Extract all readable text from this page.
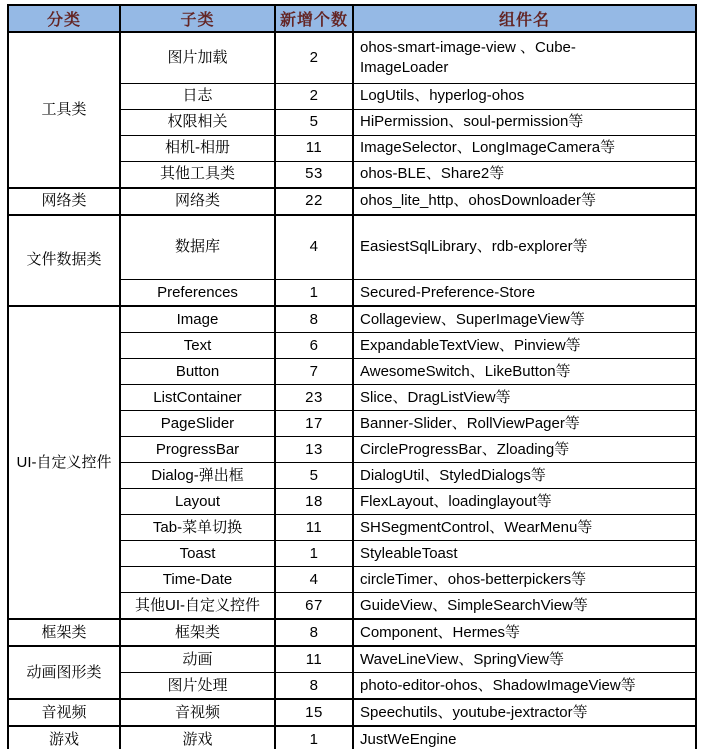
分类	子类	新增个数	组件名
工具类	图片加载	2	ohos-smart-image-view 、Cube-ImageLoader

	日志	2	LogUtils、hyperlog-ohos
	权限相关	5	HiPermission、soul-permission等
	相机-相册	11	ImageSelector、LongImageCamera等
	其他工具类	53	ohos-BLE、Share2等
网络类	网络类	22	ohos_lite_http、ohosDownloader等
文件数据类	数据库	4	EasiestSqlLibrary、rdb-explorer等
	Preferences	1	Secured-Preference-Store
UI-自定义控件	Image	8	Collageview、SuperImageView等
	Text	6	ExpandableTextView、Pinview等
	Button	7	AwesomeSwitch、LikeButton等
	ListContainer	23	Slice、DragListView等
	PageSlider	17	Banner-Slider、RollViewPager等
	ProgressBar	13	CircleProgressBar、Zloading等
	Dialog-弹出框	5	DialogUtil、StyledDialogs等
	Layout	18	FlexLayout、loadinglayout等
	Tab-菜单切换	11	SHSegmentControl、WearMenu等
	Toast	1	StyleableToast
	Time-Date	4	circleTimer、ohos-betterpickers等
	其他UI-自定义控件	67	GuideView、SimpleSearchView等
框架类	框架类	8	Component、Hermes等
动画图形类	动画	11	WaveLineView、SpringView等
	图片处理	8	photo-editor-ohos、ShadowImageView等
音视频	音视频	15	Speechutils、youtube-jextractor等
游戏	游戏	1	JustWeEngine
